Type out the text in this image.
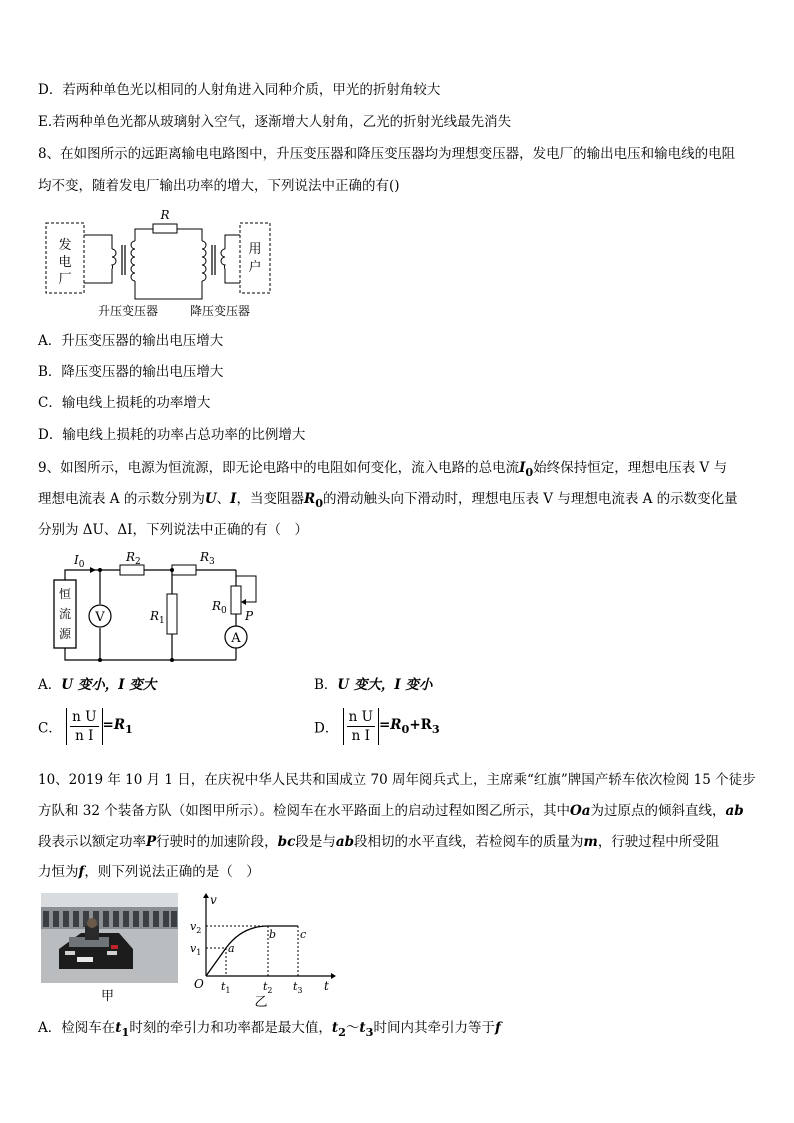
D．若两种单色光以相同的人射角进入同种介质，甲光的折射角较大
E.若两种单色光都从玻璃射入空气，逐渐增大人射角，乙光的折射光线最先消失
8、在如图所示的远距离输电电路图中，升压变压器和降压变压器均为理想变压器，发电厂的输出电压和输电线的电阻
均不变，随着发电厂输出功率的增大，下列说法中正确的有()
发
电
厂
R
用
户
升压变压器	降压变压器
A．升压变压器的输出电压增大
B．降压变压器的输出电压增大
C．输电线上损耗的功率增大
D．输电线上损耗的功率占总功率的比例增大
9、如图所示，电源为恒流源，即无论电路中的电阻如何变化，流入电路的总电流$I_0$始终保持恒定，理想电压表 V 与
理想电流表 A 的示数分别为U、I，当变阻器$R_0$的滑动触头向下滑动时，理想电压表 V 与理想电流表 A 的示数变化量
分别为 ΔU、ΔI，下列说法中正确的有（　）
恒
流
源
$I_0$
$R_2$	$R_3$
V	$R_1$
$R_0$ P
A
A．U 变小，I 变大	B．U 变大，I 变小
C． $\frac{\text{n U}}{\text{n I}} =R_1$	D． $\frac{\text{n U}}{\text{n I}} =R_0+R_3$
10、2019 年 10 月 1 日，在庆祝中华人民共和国成立 70 周年阅兵式上，主席乘“红旗”牌国产轿车依次检阅 15 个徒步
方队和 32 个装备方队（如图甲所示）。检阅车在水平路面上的启动过程如图乙所示，其中Oa为过原点的倾斜直线，ab
段表示以额定功率P行驶时的加速阶段，bc段是与ab段相切的水平直线，若检阅车的质量为m，行驶过程中所受阻
力恒为f，则下列说法正确的是（　）
甲
v
t
O
$v_1$
$v_2$
$t_1$	$t_2$ $t_3$
a
b c
乙
A．检阅车在$t_1$时刻的牵引力和功率都是最大值，$t_2\sim t_3$时间内其牵引力等于f
